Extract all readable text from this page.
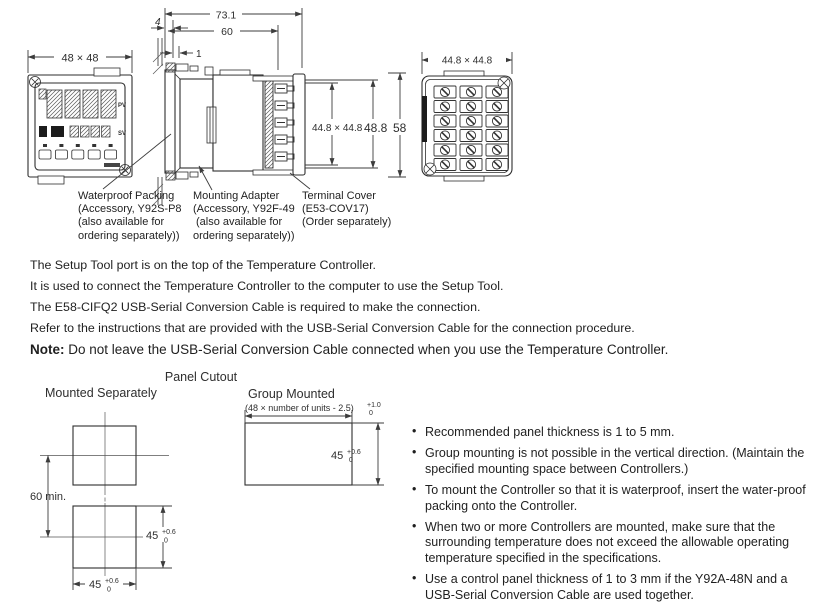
48 × 48
PV
SV
73.1
60
4
1
44.8 × 44.8 48.8 58
44.8 × 44.8
Waterproof Packing
(Accessory, Y92S-P8
(also available for
ordering separately))
Mounting Adapter
(Accessory, Y92F-49
(also available for
ordering separately))
Terminal Cover
(E53-COV17)
(Order separately)
The Setup Tool port is on the top of the Temperature Controller.
It is used to connect the Temperature Controller to the computer to use the Setup Tool.
The E58-CIFQ2 USB-Serial Conversion Cable is required to make the connection.
Refer to the instructions that are provided with the USB-Serial Conversion Cable for the connection procedure.
Note: Do not leave the USB-Serial Conversion Cable connected when you use the Temperature Controller.
Panel Cutout
Mounted Separately	Group Mounted
(48 × number of units - 2.5) +1.0
0
45 +0.6
0
60 min.
45 +0.6
0
45 +0.6
0
• Recommended panel thickness is 1 to 5 mm.
• Group mounting is not possible in the vertical direction. (Maintain the specified mounting space between Controllers.)
• To mount the Controller so that it is waterproof, insert the water-proof packing onto the Controller.
• When two or more Controllers are mounted, make sure that the surrounding temperature does not exceed the allowable operating temperature specified in the specifications.
• Use a control panel thickness of 1 to 3 mm if the Y92A-48N and a USB-Serial Conversion Cable are used together.
